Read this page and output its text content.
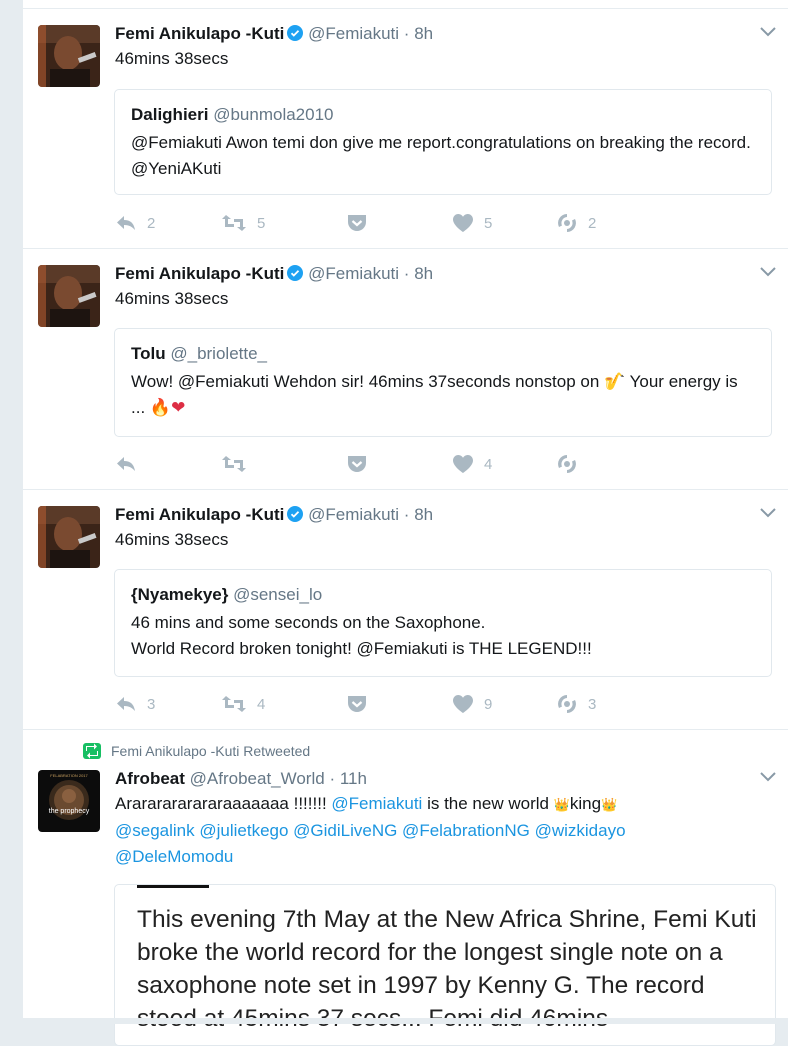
Femi Anikulapo -Kuti @Femiakuti · 8h
46mins 38secs
Dalighieri @bunmola2010
@Femiakuti Awon temi don give me report.congratulations on breaking the record. @YeniAKuti
2	5	5	2
Femi Anikulapo -Kuti @Femiakuti · 8h
46mins 38secs
Tolu @_briolette_
Wow! @Femiakuti Wehdon sir! 46mins 37seconds nonstop on 🎷 Your energy is ... 🔥❤
4
Femi Anikulapo -Kuti @Femiakuti · 8h
46mins 38secs
{Nyamekye} @sensei_lo
46 mins and some seconds on the Saxophone.
World Record broken tonight! @Femiakuti is THE LEGEND!!!
3	4	9	3
Femi Anikulapo -Kuti Retweeted
FELABRATION 2017
the prophecy
Afrobeat @Afrobeat_World · 11h
Arararararararaaaaaaa !!!!!!! @Femiakuti is the new world 👑king👑
@segalink @julietkego @GidiLiveNG @FelabrationNG @wizkidayo
@DeleMomodu
This evening 7th May at the New Africa Shrine, Femi Kuti broke the world record for the longest single note on a saxophone note set in 1997 by Kenny G. The record
